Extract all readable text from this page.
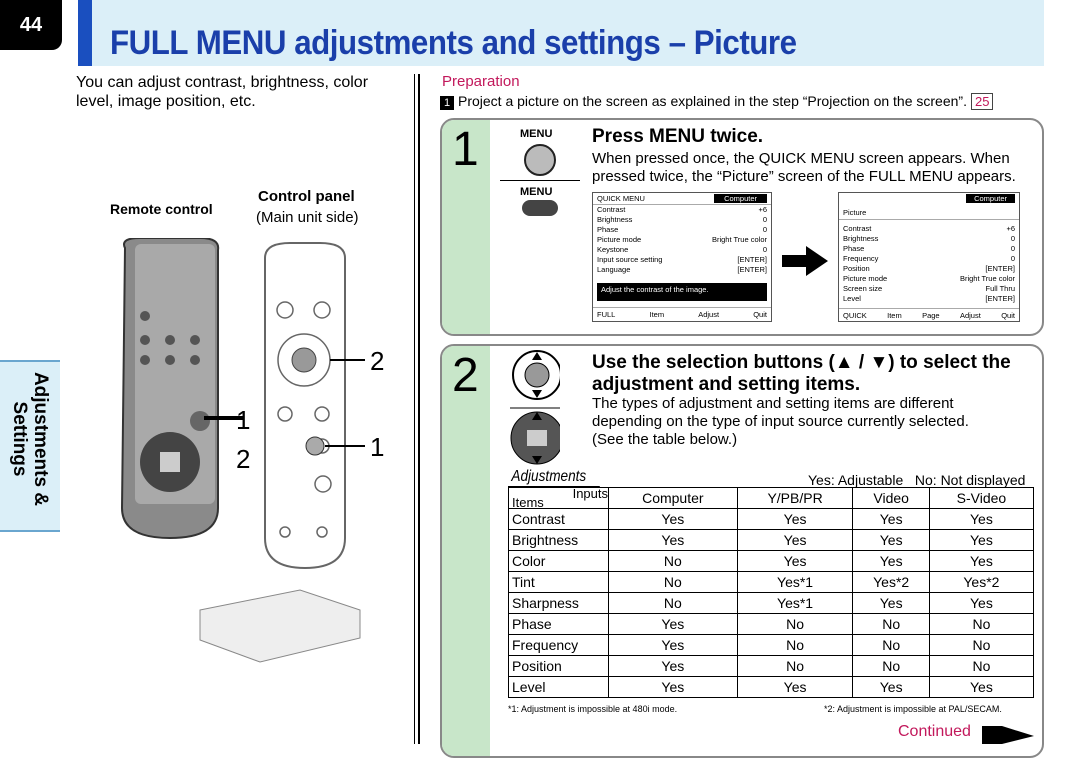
44	FULL MENU adjustments and settings – Picture
You can adjust contrast, brightness, color level, image position, etc.
Preparation
1 Project a picture on the screen as explained in the step “Projection on the screen”. 25
Remote control
Control panel
(Main unit side)
2
1
2	1
Adjustments & Settings
1	MENU
MENU
Press MENU twice.
When pressed once, the QUICK MENU screen appears. When pressed twice, the “Picture” screen of the FULL MENU appears.
QUICK MENU	Computer
Contrast	+6
Brightness	0
Phase	0
Picture mode	Bright True color
Keystone	0
Input source setting	[ENTER]
Language	[ENTER]
Adjust the contrast of the image.
FULL	Item	Adjust	Quit
Computer
Picture
Contrast	+6
Brightness	0
Phase	0
Frequency	0
Position	[ENTER]
Picture mode	Bright True color
Screen size	Full Thru
Level	[ENTER]
QUICK	Item	Page	Adjust	Quit
2	Use the selection buttons (▲ / ▼) to select the adjustment and setting items.
The types of adjustment and setting items are different depending on the type of input source currently selected. (See the table below.)
Adjustments	Yes: Adjustable   No: Not displayed
Items
Inputs	Computer	Y/PB/PR	Video	S-Video
Contrast	Yes	Yes	Yes	Yes
Brightness	Yes	Yes	Yes	Yes
Color	No	Yes	Yes	Yes
Tint	No	Yes*1	Yes*2	Yes*2
Sharpness	No	Yes*1	Yes	Yes
Phase	Yes	No	No	No
Frequency	Yes	No	No	No
Position	Yes	No	No	No
Level	Yes	Yes	Yes	Yes
*1: Adjustment is impossible at 480i mode.	*2: Adjustment is impossible at PAL/SECAM.
Continued
